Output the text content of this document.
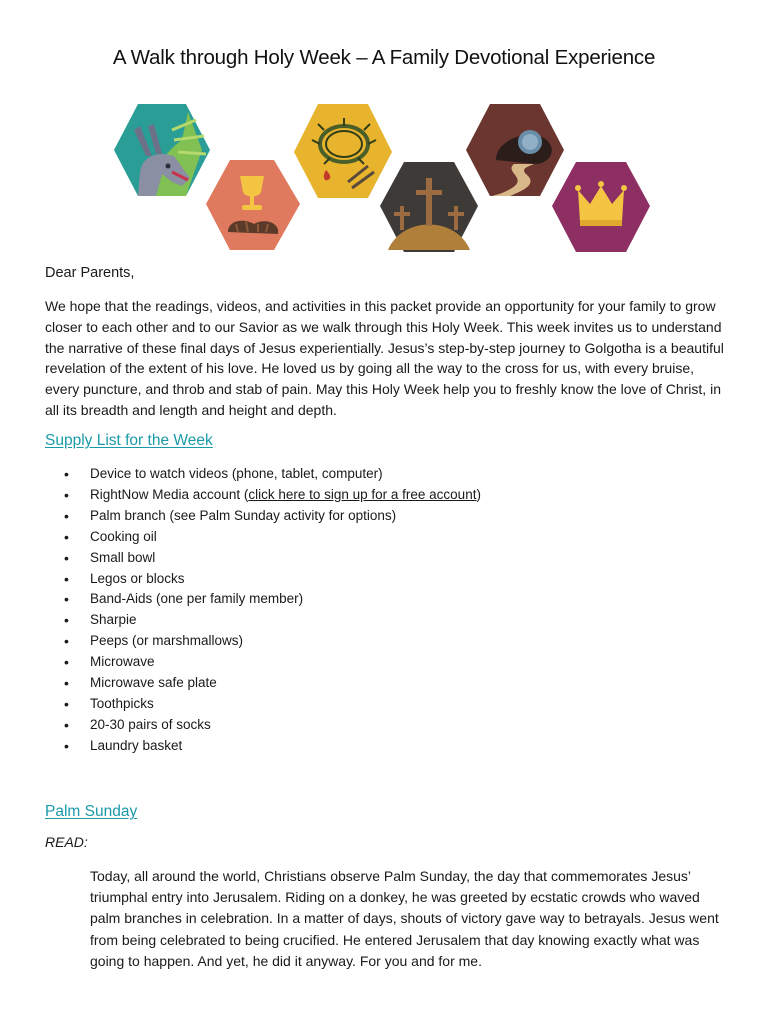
A Walk through Holy Week – A Family Devotional Experience

Dear Parents,

We hope that the readings, videos, and activities in this packet provide an opportunity for your family to grow closer to each other and to our Savior as we walk through this Holy Week. This week invites us to understand the narrative of these final days of Jesus experientially. Jesus’s step-by-step journey to Golgotha is a beautiful revelation of the extent of his love. He loved us by going all the way to the cross for us, with every bruise, every puncture, and throb and stab of pain. May this Holy Week help you to freshly know the love of Christ, in all its breadth and length and height and depth.

Supply List for the Week
• Device to watch videos (phone, tablet, computer)
• RightNow Media account (click here to sign up for a free account)
• Palm branch (see Palm Sunday activity for options)
• Cooking oil
• Small bowl
• Legos or blocks
• Band-Aids (one per family member)
• Sharpie
• Peeps (or marshmallows)
• Microwave
• Microwave safe plate
• Toothpicks
• 20-30 pairs of socks
• Laundry basket
Palm Sunday

READ:

Today, all around the world, Christians observe Palm Sunday, the day that commemorates Jesus’ triumphal entry into Jerusalem. Riding on a donkey, he was greeted by ecstatic crowds who waved palm branches in celebration. In a matter of days, shouts of victory gave way to betrayals. Jesus went from being celebrated to being crucified. He entered Jerusalem that day knowing exactly what was going to happen. And yet, he did it anyway. For you and for me.
